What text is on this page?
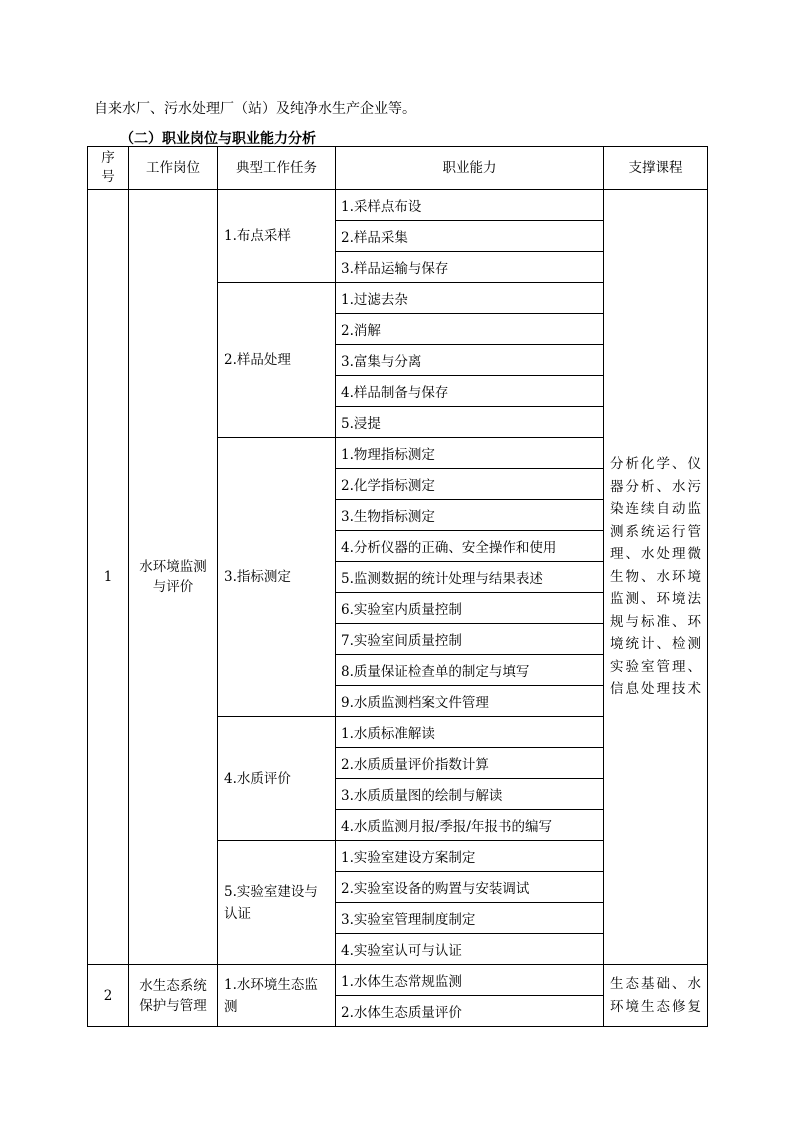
自来水厂、污水处理厂（站）及纯净水生产企业等。
（二）职业岗位与职业能力分析
序
号	工作岗位	典型工作任务	职业能力	支撑课程
1	水环境监测与评价	1.布点采样	1.采样点布设	分析化学、仪器分析、水污染连续自动监测系统运行管理、水处理微生物、水环境监测、环境法规与标准、环境统计、检测实验室管理、信息处理技术
			2.样品采集	
			3.样品运输与保存	
		2.样品处理	1.过滤去杂	
			2.消解	
			3.富集与分离	
			4.样品制备与保存	
			5.浸提	
		3.指标测定	1.物理指标测定	
			2.化学指标测定	
			3.生物指标测定	
			4.分析仪器的正确、安全操作和使用	
			5.监测数据的统计处理与结果表述	
			6.实验室内质量控制	
			7.实验室间质量控制	
			8.质量保证检查单的制定与填写	
			9.水质监测档案文件管理	
		4.水质评价	1.水质标准解读	
			2.水质质量评价指数计算	
			3.水质质量图的绘制与解读	
			4.水质监测月报/季报/年报书的编写	
		5.实验室建设与认证	1.实验室建设方案制定	
			2.实验室设备的购置与安装调试	
			3.实验室管理制度制定	
			4.实验室认可与认证	
2	水生态系统保护与管理	1.水环境生态监测	1.水体生态常规监测	生态基础、水环境生态修复
			2.水体生态质量评价	
